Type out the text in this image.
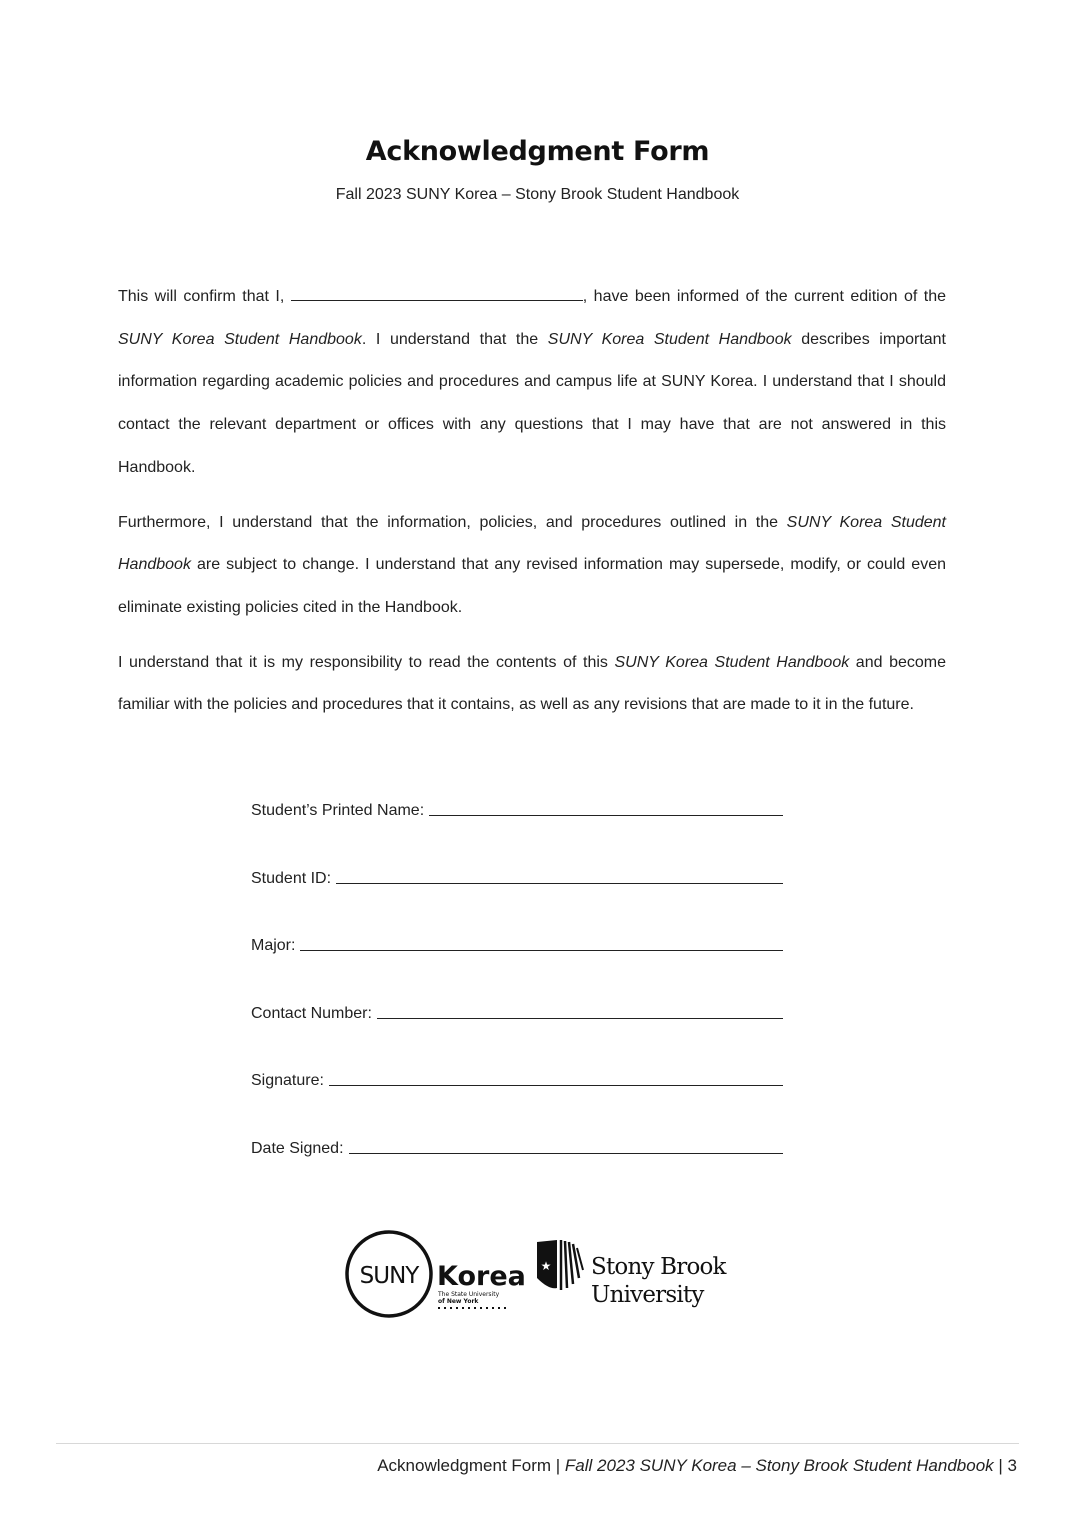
Acknowledgment Form

Fall 2023 SUNY Korea – Stony Brook Student Handbook

This will confirm that I,	, have been informed of the current edition of the SUNY Korea Student Handbook. I understand that the SUNY Korea Student Handbook describes important information regarding academic policies and procedures and campus life at SUNY Korea. I understand that I should contact the relevant department or offices with any questions that I may have that are not answered in this Handbook.

Furthermore, I understand that the information, policies, and procedures outlined in the SUNY Korea Student Handbook are subject to change. I understand that any revised information may supersede, modify, or could even eliminate existing policies cited in the Handbook.

I understand that it is my responsibility to read the contents of this SUNY Korea Student Handbook and become familiar with the policies and procedures that it contains, as well as any revisions that are made to it in the future.

Student’s Printed Name:
Student ID:
Major:
Contact Number:
Signature:
Date Signed:
SUNY Korea
The State University
of New York
★ Stony Brook
University
Acknowledgment Form | Fall 2023 SUNY Korea – Stony Brook Student Handbook | 3
